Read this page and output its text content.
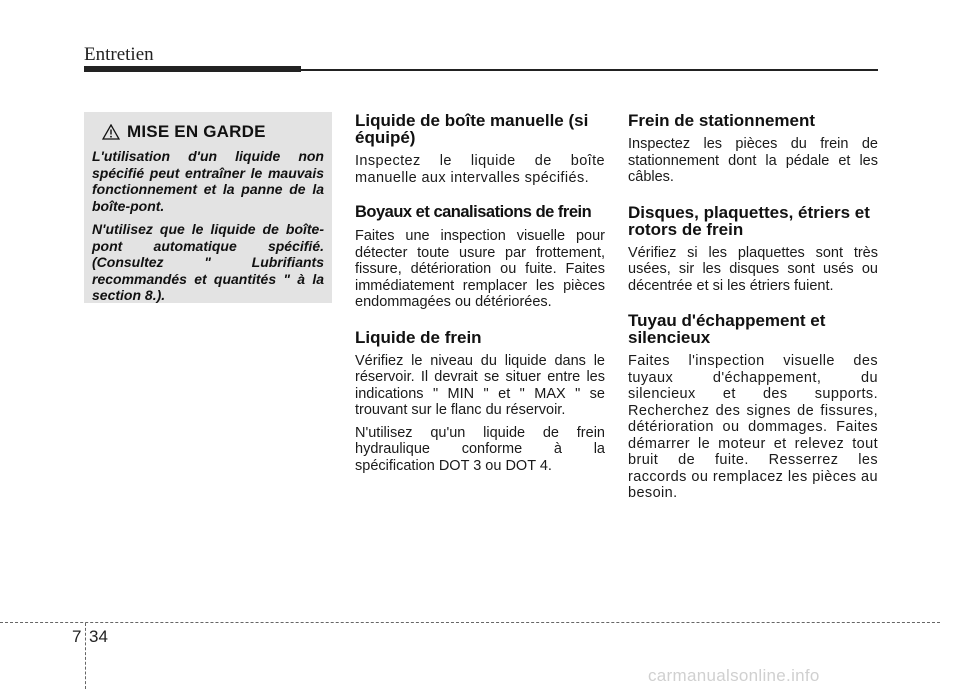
Entretien
MISE EN GARDE

L'utilisation d'un liquide non spécifié peut entraîner le mauvais fonctionnement et la panne de la boîte-pont.

N'utilisez que le liquide de boîte-pont automatique spécifié. (Consultez " Lubrifiants recommandés et quantités " à la section 8.).

Liquide de boîte manuelle (si équipé)

Inspectez le liquide de boîte manuelle aux intervalles spécifiés.

Boyaux et canalisations de frein

Faites une inspection visuelle pour détecter toute usure par frottement, fissure, détérioration ou fuite. Faites immédiatement remplacer les pièces endommagées ou détériorées.

Liquide de frein

Vérifiez le niveau du liquide dans le réservoir. Il devrait se situer entre les indications " MIN " et " MAX " se trouvant sur le flanc du réservoir.

N'utilisez qu'un liquide de frein hydraulique conforme à la spécification DOT 3 ou DOT 4.

Frein de stationnement

Inspectez les pièces du frein de stationnement dont la pédale et les câbles.

Disques, plaquettes, étriers et rotors de frein

Vérifiez si les plaquettes sont très usées, sir les disques sont usés ou décentrée et si les étriers fuient.

Tuyau d'échappement et silencieux

Faites l'inspection visuelle des tuyaux d'échappement, du silencieux et des supports. Recherchez des signes de fissures, détérioration ou dommages. Faites démarrer le moteur et relevez tout bruit de fuite. Resserrez les raccords ou remplacez les pièces au besoin.

7 34
carmanualsonline.info
